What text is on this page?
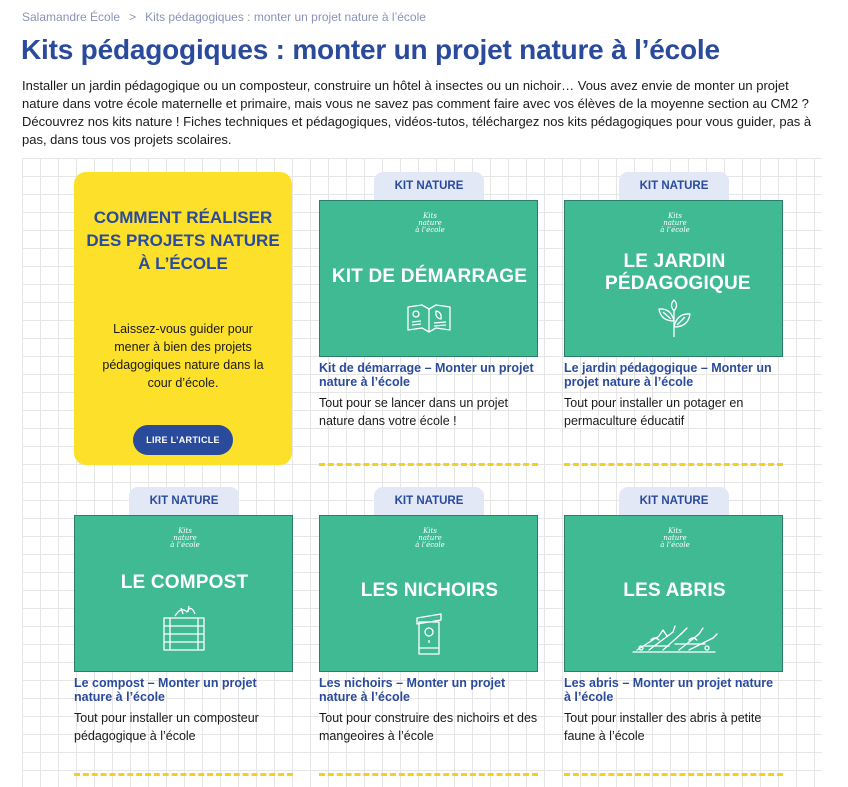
Salamandre École > Kits pédagogiques : monter un projet nature à l’école
Kits pédagogiques : monter un projet nature à l’école

Installer un jardin pédagogique ou un composteur, construire un hôtel à insectes ou un nichoir… Vous avez envie de monter un projet nature dans votre école maternelle et primaire, mais vous ne savez pas comment faire avec vos élèves de la moyenne section au CM2 ? Découvrez nos kits nature ! Fiches techniques et pédagogiques, vidéos-tutos, téléchargez nos kits pédagogiques pour vous guider, pas à pas, dans tous vos projets scolaires.

COMMENT RÉALISER DES PROJETS NATURE À L’ÉCOLE
Laissez-vous guider pour mener à bien des projets pédagogiques nature dans la cour d’école.
LIRE L’ARTICLE
KIT NATURE
Kits
nature
à l’école
KIT DE DÉMARRAGE
Kit de démarrage – Monter un projet nature à l’école
Tout pour se lancer dans un projet nature dans votre école !
KIT NATURE
Kits
nature
à l’école
LE JARDIN PÉDAGOGIQUE
Le jardin pédagogique – Monter un projet nature à l’école
Tout pour installer un potager en permaculture éducatif
KIT NATURE
Kits
nature
à l’école
LE COMPOST
Le compost – Monter un projet nature à l’école
Tout pour installer un composteur pédagogique à l’école
KIT NATURE
Kits
nature
à l’école
LES NICHOIRS
Les nichoirs – Monter un projet nature à l’école
Tout pour construire des nichoirs et des mangeoires à l’école
KIT NATURE
Kits
nature
à l’école
LES ABRIS
Les abris – Monter un projet nature à l’école
Tout pour installer des abris à petite faune à l’école
